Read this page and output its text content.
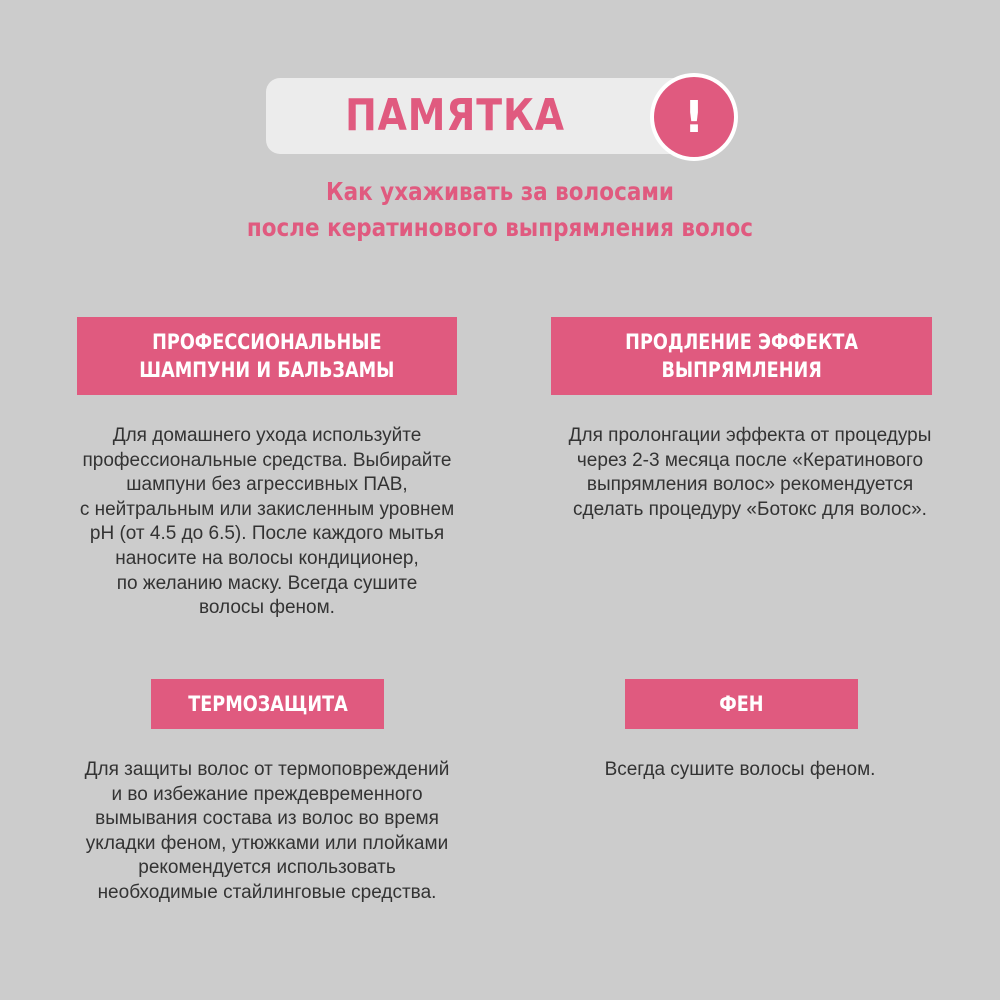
ПАМЯТКА	!
Как ухаживать за волосами
после кератинового выпрямления волос
ПРОФЕССИОНАЛЬНЫЕ
ШАМПУНИ И БАЛЬЗАМЫ
Для домашнего ухода используйте
профессиональные средства. Выбирайте
шампуни без агрессивных ПАВ,
с нейтральным или закисленным уровнем
pH (от 4.5 до 6.5). После каждого мытья
наносите на волосы кондиционер,
по желанию маску. Всегда сушите
волосы феном.
ПРОДЛЕНИЕ ЭФФЕКТА
ВЫПРЯМЛЕНИЯ
Для пролонгации эффекта от процедуры
через 2-3 месяца после «Кератинового
выпрямления волос» рекомендуется
сделать процедуру «Ботокс для волос».
ТЕРМОЗАЩИТА
Для защиты волос от термоповреждений
и во избежание преждевременного
вымывания состава из волос во время
укладки феном, утюжками или плойками
рекомендуется использовать
необходимые стайлинговые средства.
ФЕН
Всегда сушите волосы феном.
